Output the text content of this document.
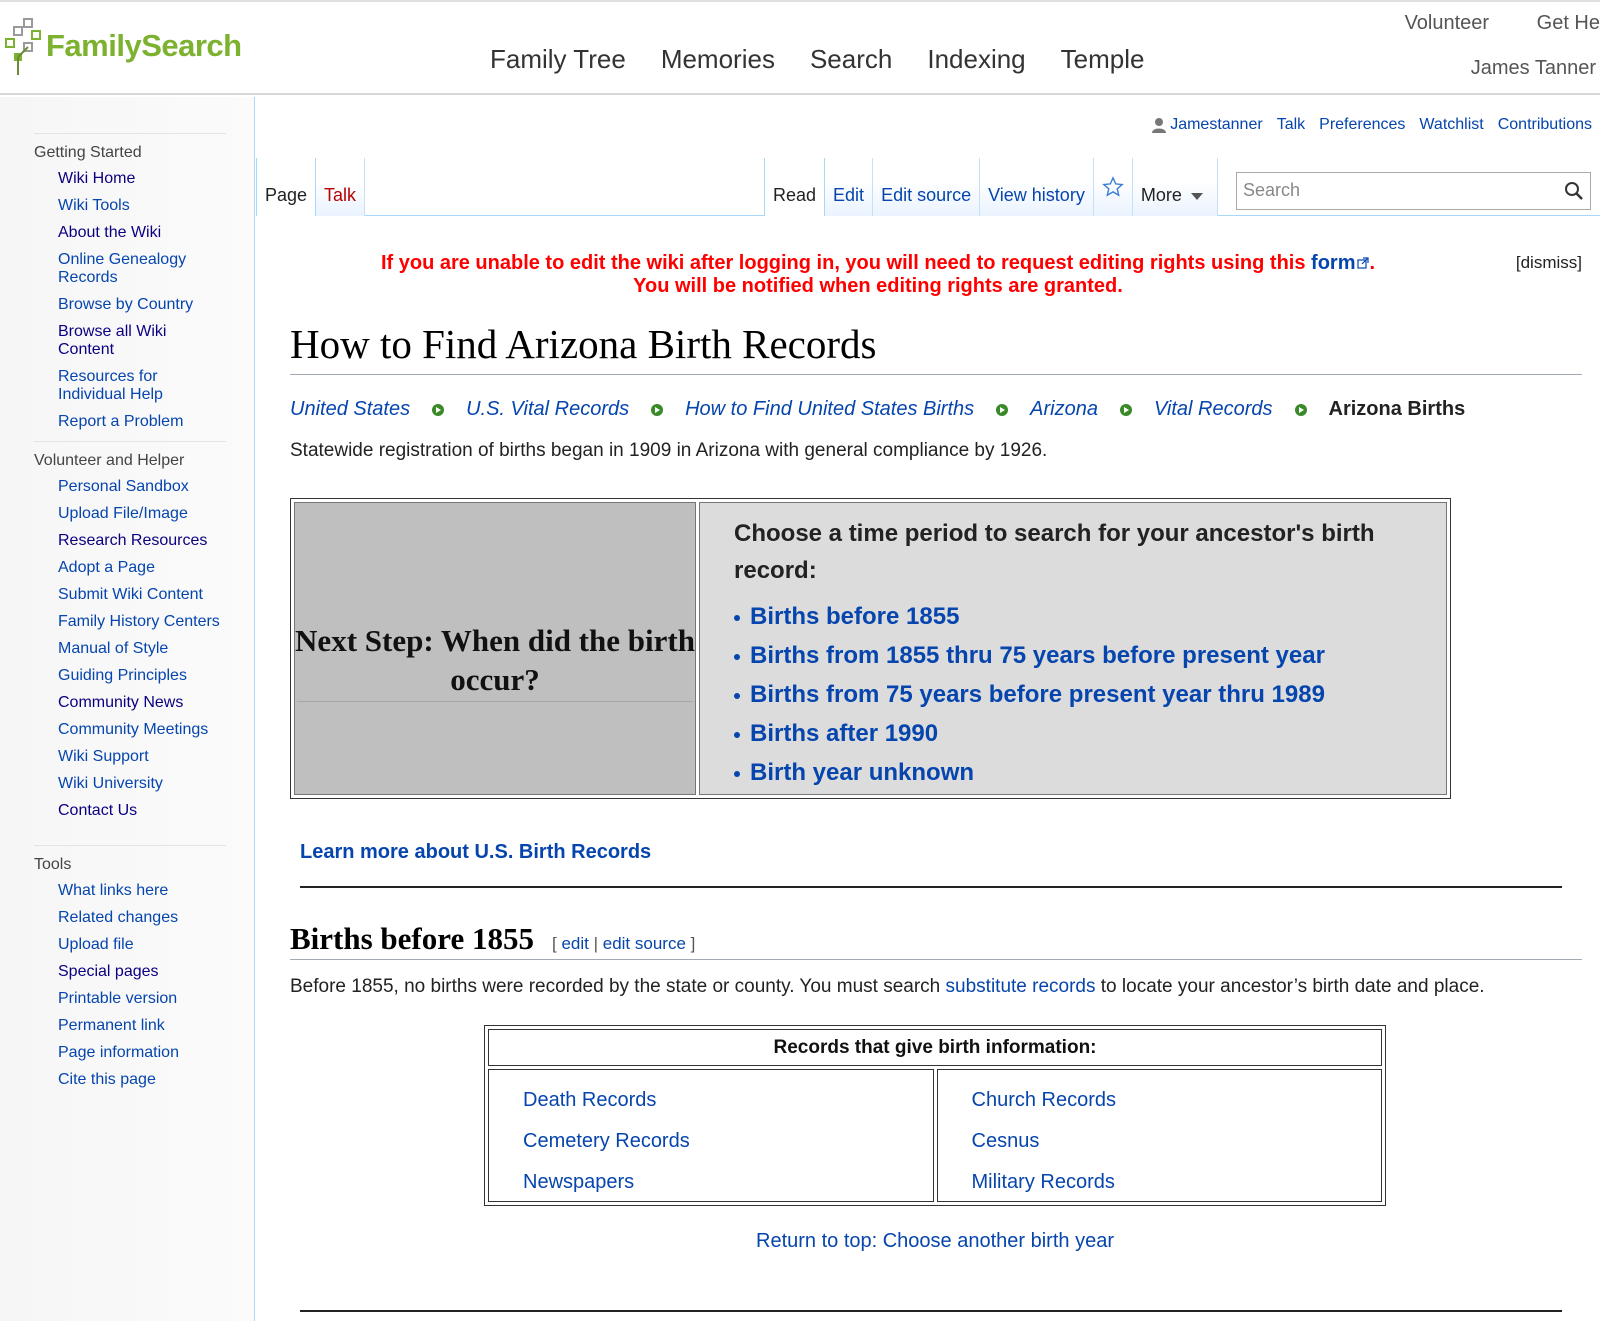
FamilySearch	Family Tree Memories Search Indexing Temple
Volunteer Get He
James Tanner
Getting Started
Wiki Home
Wiki Tools
About the Wiki
Online Genealogy Records
Browse by Country
Browse all Wiki Content
Resources for Individual Help
Report a Problem
Volunteer and Helper
Personal Sandbox
Upload File/Image
Research Resources
Adopt a Page
Submit Wiki Content
Family History Centers
Manual of Style
Guiding Principles
Community News
Community Meetings
Wiki Support
Wiki University
Contact Us
Tools
What links here
Related changes
Upload file
Special pages
Printable version
Permanent link
Page information
Cite this page
Jamestanner Talk Preferences Watchlist Contributions
Page Talk	Read Edit Edit source View history	More
Search
If you are unable to edit the wiki after logging in, you will need to request editing rights using this form . You will be notified when editing rights are granted.
[dismiss]
How to Find Arizona Birth Records
United States	U.S. Vital Records	How to Find United States Births	Arizona	Vital Records	Arizona Births
Statewide registration of births began in 1909 in Arizona with general compliance by 1926.
Next Step: When did the birth occur?
Choose a time period to search for your ancestor's birth record:
Births before 1855
Births from 1855 thru 75 years before present year
Births from 75 years before present year thru 1989
Births after 1990
Birth year unknown
Learn more about U.S. Birth Records
Births before 1855 [ edit | edit source ]
Before 1855, no births were recorded by the state or county. You must search substitute records to locate your ancestor’s birth date and place.
Records that give birth information:
Death Records
Cemetery Records
Newspapers
Church Records
Cesnus
Military Records
Return to top: Choose another birth year
